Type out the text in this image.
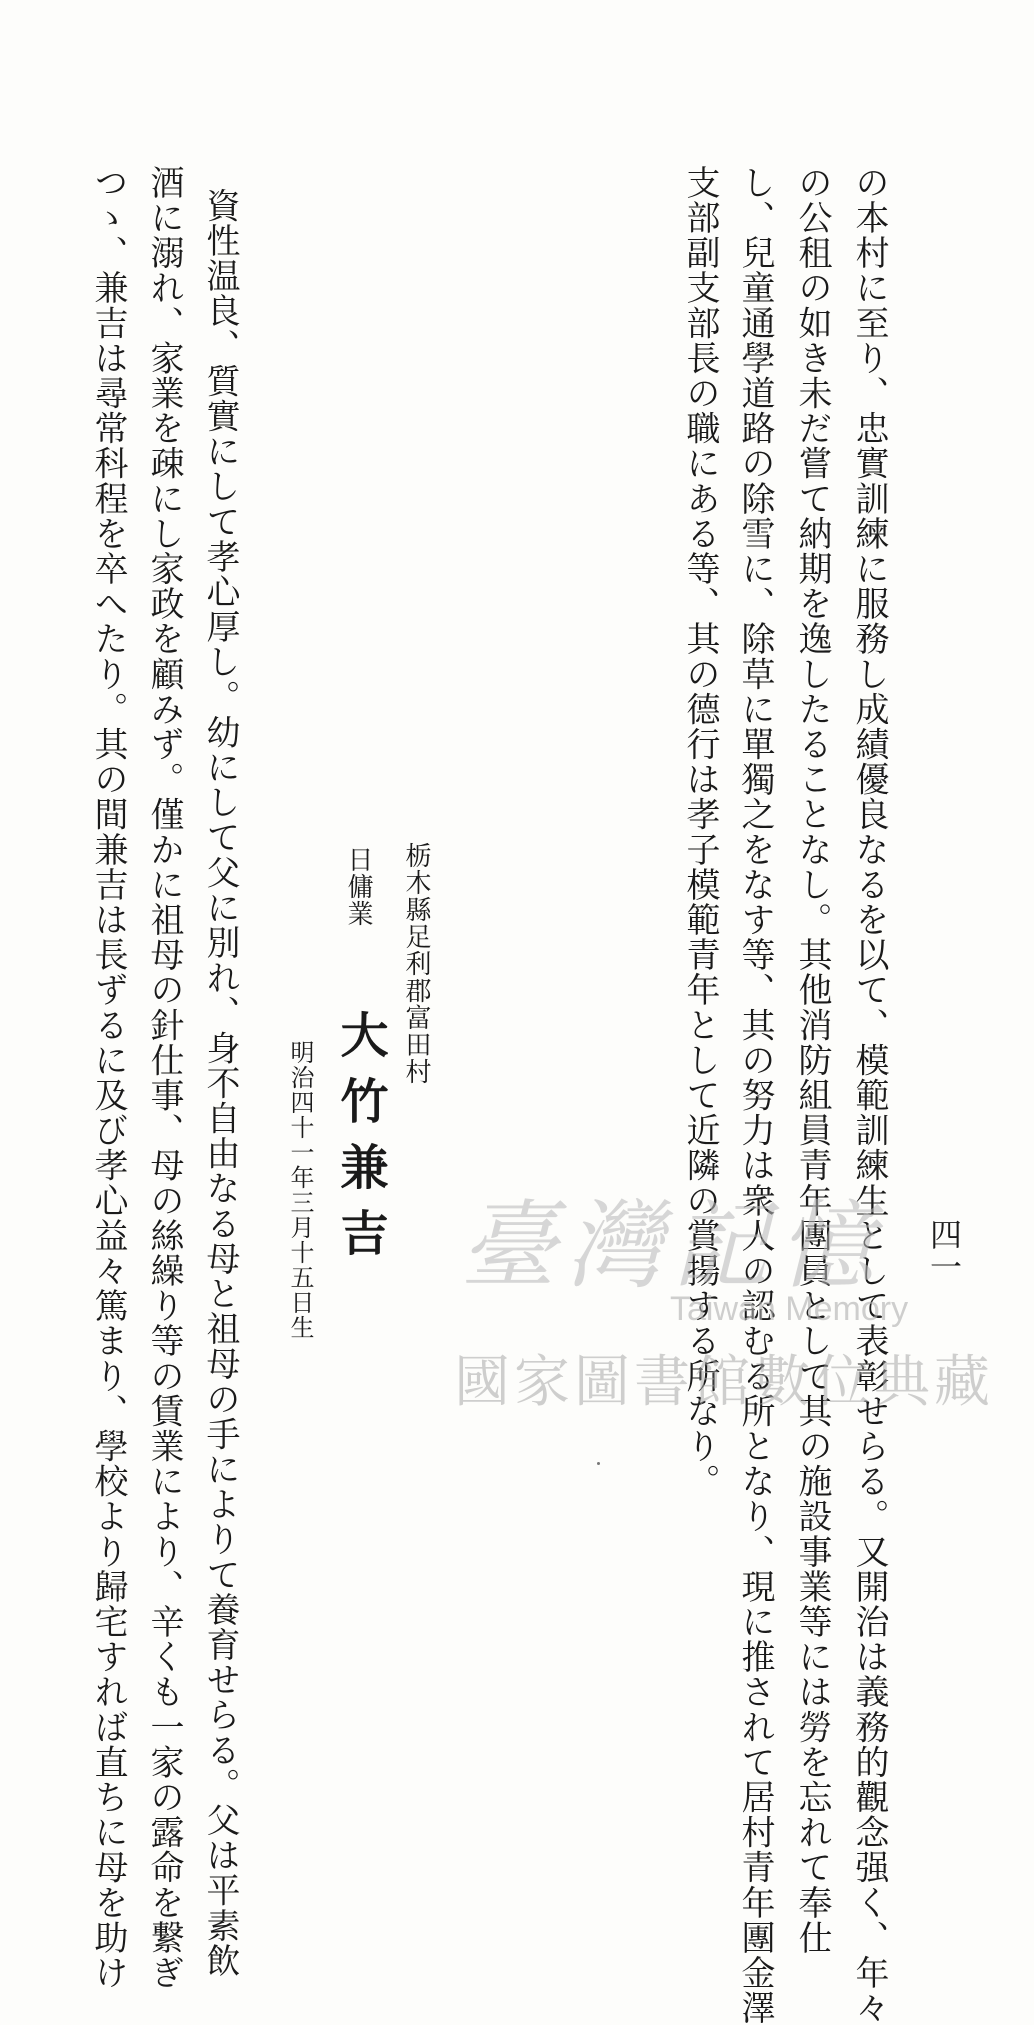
四一
の本村に至り、忠實訓練に服務し成績優良なるを以て、模範訓練生として表彰せらる。又開治は義務的觀念强く、年々
の公租の如き未だ嘗て納期を逸したることなし。其他消防組員青年團員として其の施設事業等には勞を忘れて奉仕
し、兒童通學道路の除雪に、除草に單獨之をなす等、其の努力は衆人の認むる所となり、現に推されて居村青年團金澤
支部副支部長の職にある等、其の德行は孝子模範青年として近隣の賞揚する所なり。
栃木縣足利郡富田村
日傭業
大竹兼吉
明治四十一年三月十五日生
資性温良、質實にして孝心厚し。幼にして父に別れ、身不自由なる母と祖母の手によりて養育せらる。父は平素飲
酒に溺れ、家業を疎にし家政を顧みず。僅かに祖母の針仕事、母の絲繰り等の賃業により、辛くも一家の露命を繋ぎ
つゝ、兼吉は尋常科程を卒へたり。其の間兼吉は長ずるに及び孝心益々篤まり、學校より歸宅すれば直ちに母を助け	臺灣記憶
Taiwan Memory
國家圖書館數位典藏
